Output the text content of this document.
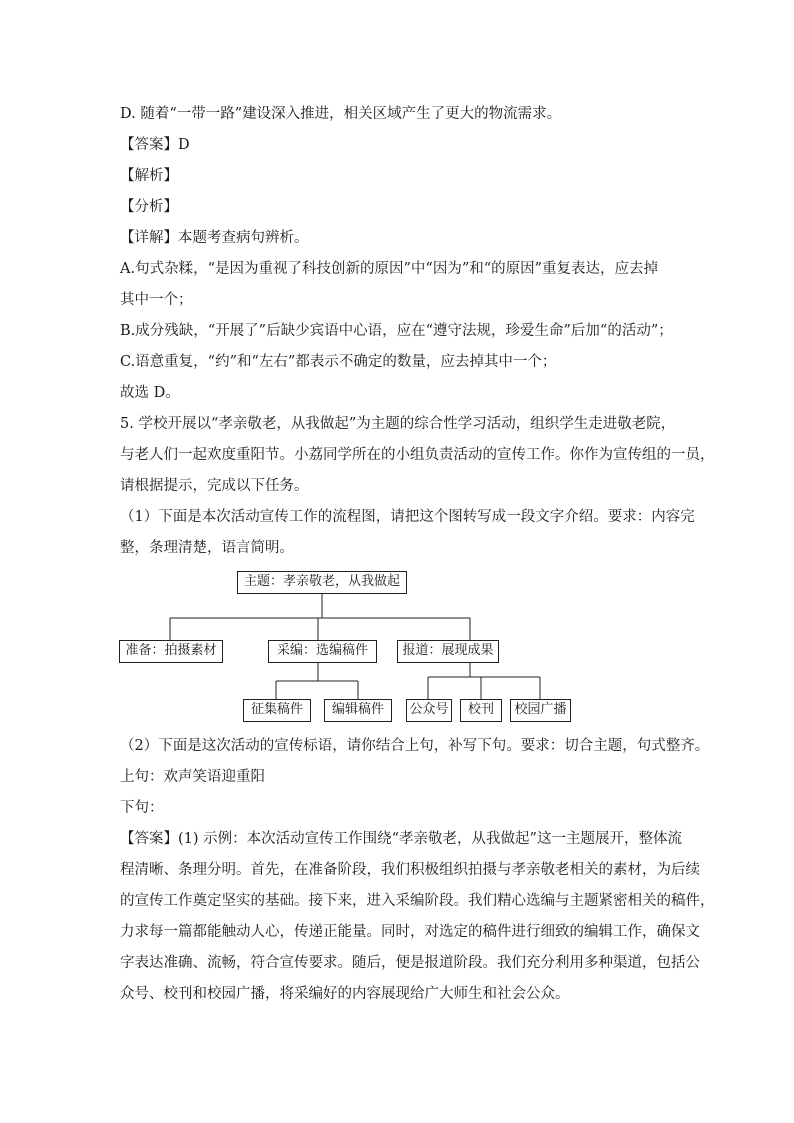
D. 随着“一带一路”建设深入推进，相关区域产生了更大的物流需求。
【答案】D
【解析】
【分析】
【详解】本题考查病句辨析。
A.句式杂糅，“是因为重视了科技创新的原因”中“因为”和“的原因”重复表达，应去掉
其中一个；
B.成分残缺，“开展了”后缺少宾语中心语，应在“遵守法规，珍爱生命”后加“的活动”；
C.语意重复，“约”和“左右”都表示不确定的数量，应去掉其中一个；
故选 D。
5. 学校开展以“孝亲敬老，从我做起”为主题的综合性学习活动，组织学生走进敬老院，
与老人们一起欢度重阳节。小荔同学所在的小组负责活动的宣传工作。你作为宣传组的一员，
请根据提示，完成以下任务。
（1）下面是本次活动宣传工作的流程图，请把这个图转写成一段文字介绍。要求：内容完
整，条理清楚，语言简明。
主题：孝亲敬老，从我做起
准备：拍摄素材	采编：选编稿件	报道：展现成果
征集稿件	编辑稿件	公众号	校刊	校园广播
（2）下面是这次活动的宣传标语，请你结合上句，补写下句。要求：切合主题，句式整齐。
上句：欢声笑语迎重阳
下句：
【答案】(1) 示例：本次活动宣传工作围绕“孝亲敬老，从我做起”这一主题展开，整体流
程清晰、条理分明。首先，在准备阶段，我们积极组织拍摄与孝亲敬老相关的素材，为后续
的宣传工作奠定坚实的基础。接下来，进入采编阶段。我们精心选编与主题紧密相关的稿件，
力求每一篇都能触动人心，传递正能量。同时，对选定的稿件进行细致的编辑工作，确保文
字表达准确、流畅，符合宣传要求。随后，便是报道阶段。我们充分利用多种渠道，包括公
众号、校刊和校园广播，将采编好的内容展现给广大师生和社会公众。
